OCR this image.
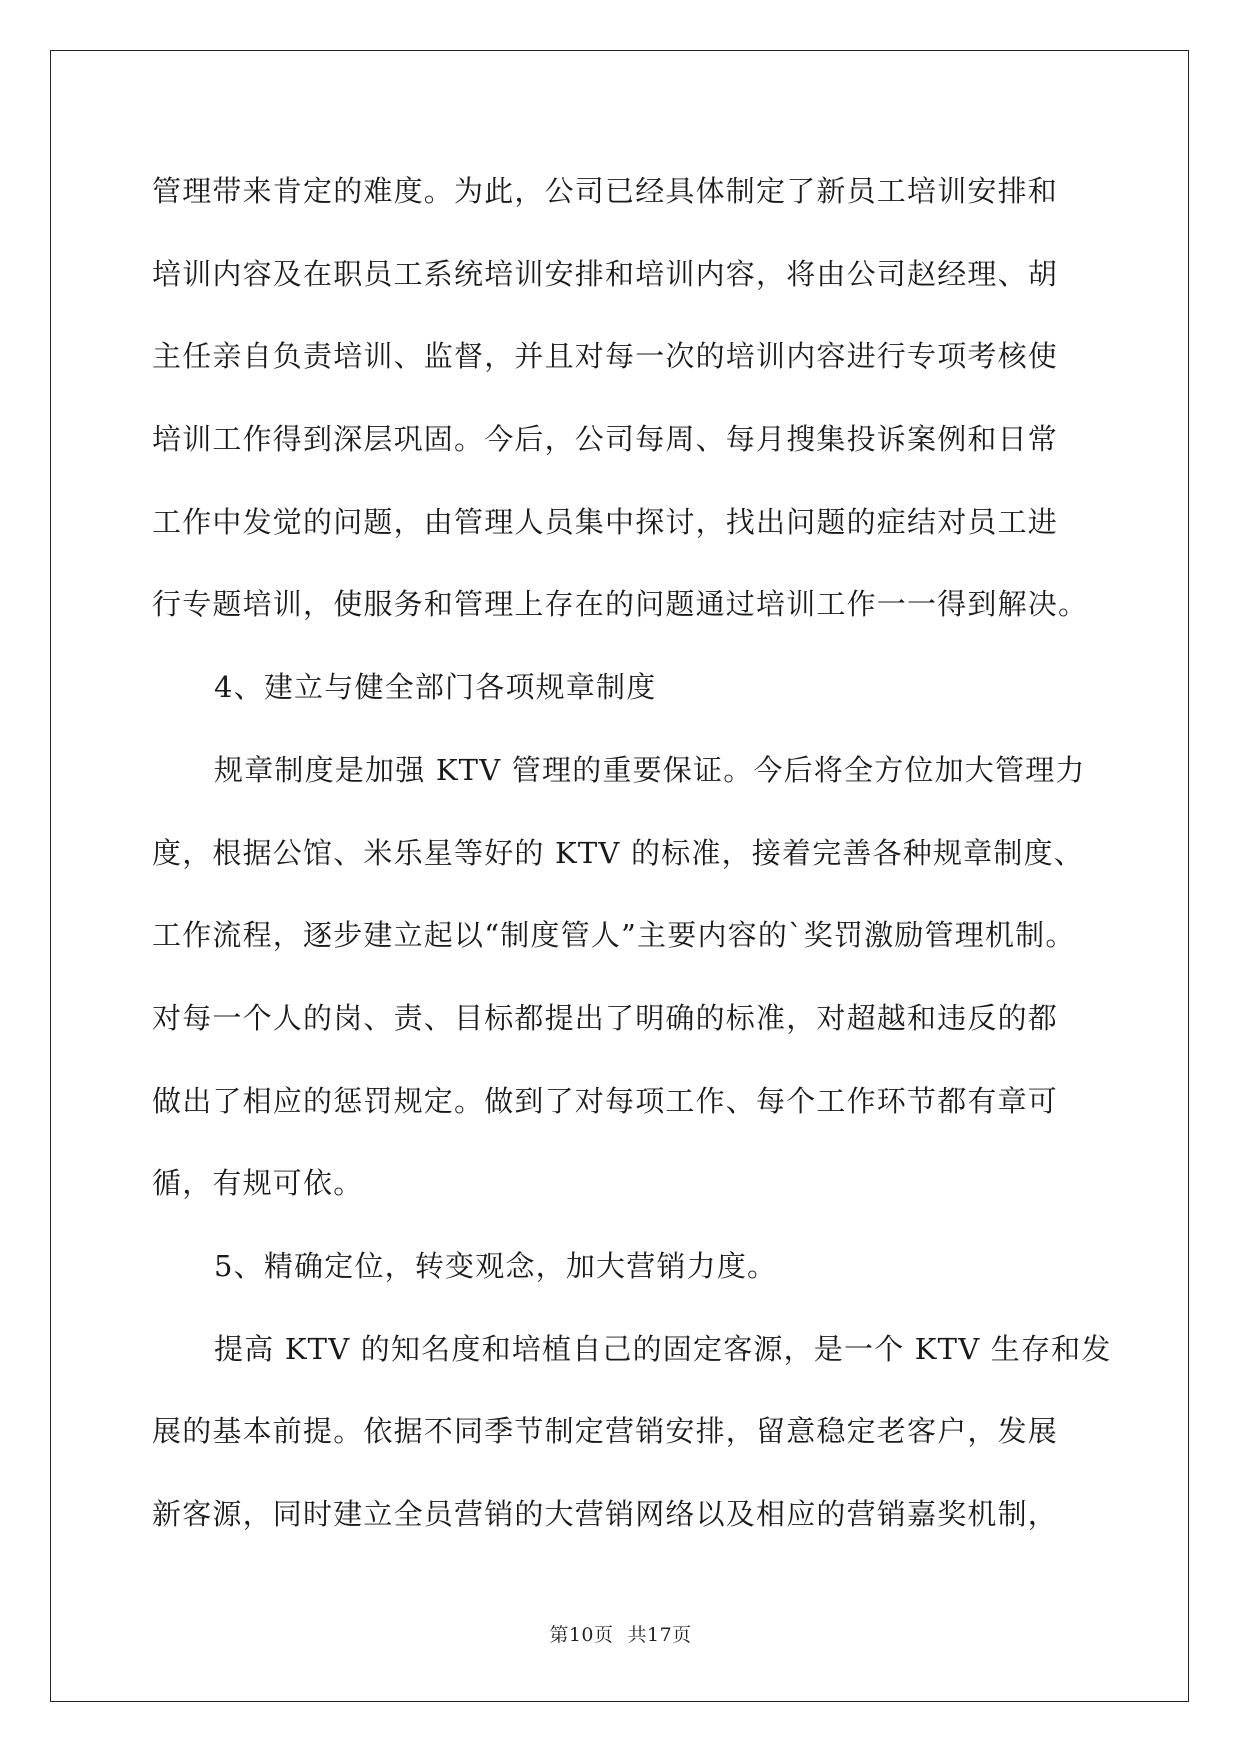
管理带来肯定的难度。为此，公司已经具体制定了新员工培训安排和
培训内容及在职员工系统培训安排和培训内容，将由公司赵经理、胡
主任亲自负责培训、监督，并且对每一次的培训内容进行专项考核使
培训工作得到深层巩固。今后，公司每周、每月搜集投诉案例和日常
工作中发觉的问题，由管理人员集中探讨，找出问题的症结对员工进
行专题培训，使服务和管理上存在的问题通过培训工作一一得到解决。
4、建立与健全部门各项规章制度
规章制度是加强 KTV 管理的重要保证。今后将全方位加大管理力
度，根据公馆、米乐星等好的 KTV 的标准，接着完善各种规章制度、
工作流程，逐步建立起以“制度管人”主要内容的`奖罚激励管理机制。
对每一个人的岗、责、目标都提出了明确的标准，对超越和违反的都
做出了相应的惩罚规定。做到了对每项工作、每个工作环节都有章可
循，有规可依。
5、精确定位，转变观念，加大营销力度。
提高 KTV 的知名度和培植自己的固定客源，是一个 KTV 生存和发
展的基本前提。依据不同季节制定营销安排，留意稳定老客户，发展
新客源，同时建立全员营销的大营销网络以及相应的营销嘉奖机制，
第10页 共17页
